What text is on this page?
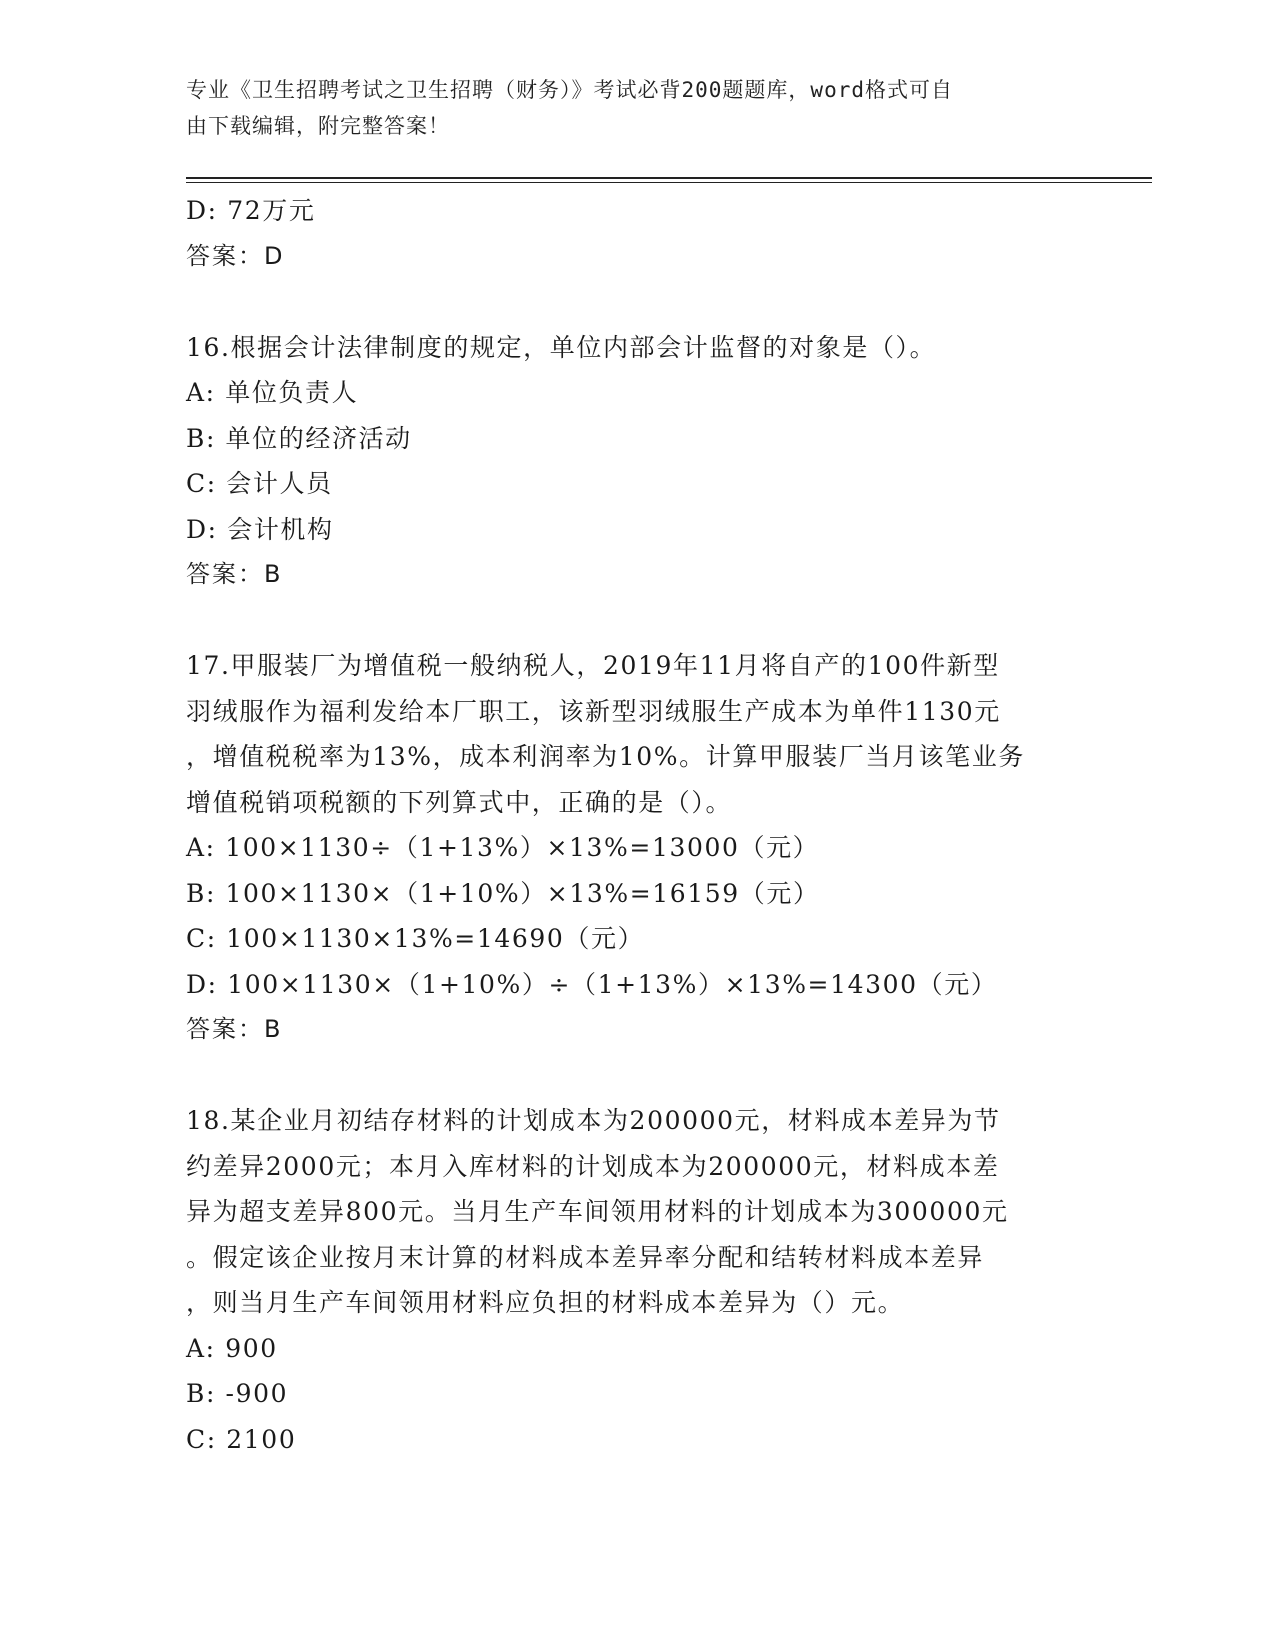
专业《卫生招聘考试之卫生招聘（财务）》考试必背200题题库，word格式可自
由下载编辑，附完整答案！

D: 72万元

答案：D

16.根据会计法律制度的规定，单位内部会计监督的对象是（）。

A: 单位负责人

B: 单位的经济活动

C: 会计人员

D: 会计机构

答案：B

17.甲服装厂为增值税一般纳税人，2019年11月将自产的100件新型

羽绒服作为福利发给本厂职工，该新型羽绒服生产成本为单件1130元

，增值税税率为13%，成本利润率为10%。计算甲服装厂当月该笔业务

增值税销项税额的下列算式中，正确的是（）。

A: 100×1130÷（1+13%）×13%=13000（元）

B: 100×1130×（1+10%）×13%=16159（元）

C: 100×1130×13%=14690（元）

D: 100×1130×（1+10%）÷（1+13%）×13%=14300（元）

答案：B

18.某企业月初结存材料的计划成本为200000元，材料成本差异为节

约差异2000元；本月入库材料的计划成本为200000元，材料成本差

异为超支差异800元。当月生产车间领用材料的计划成本为300000元

。假定该企业按月末计算的材料成本差异率分配和结转材料成本差异

，则当月生产车间领用材料应负担的材料成本差异为（）元。

A: 900

B: -900

C: 2100
